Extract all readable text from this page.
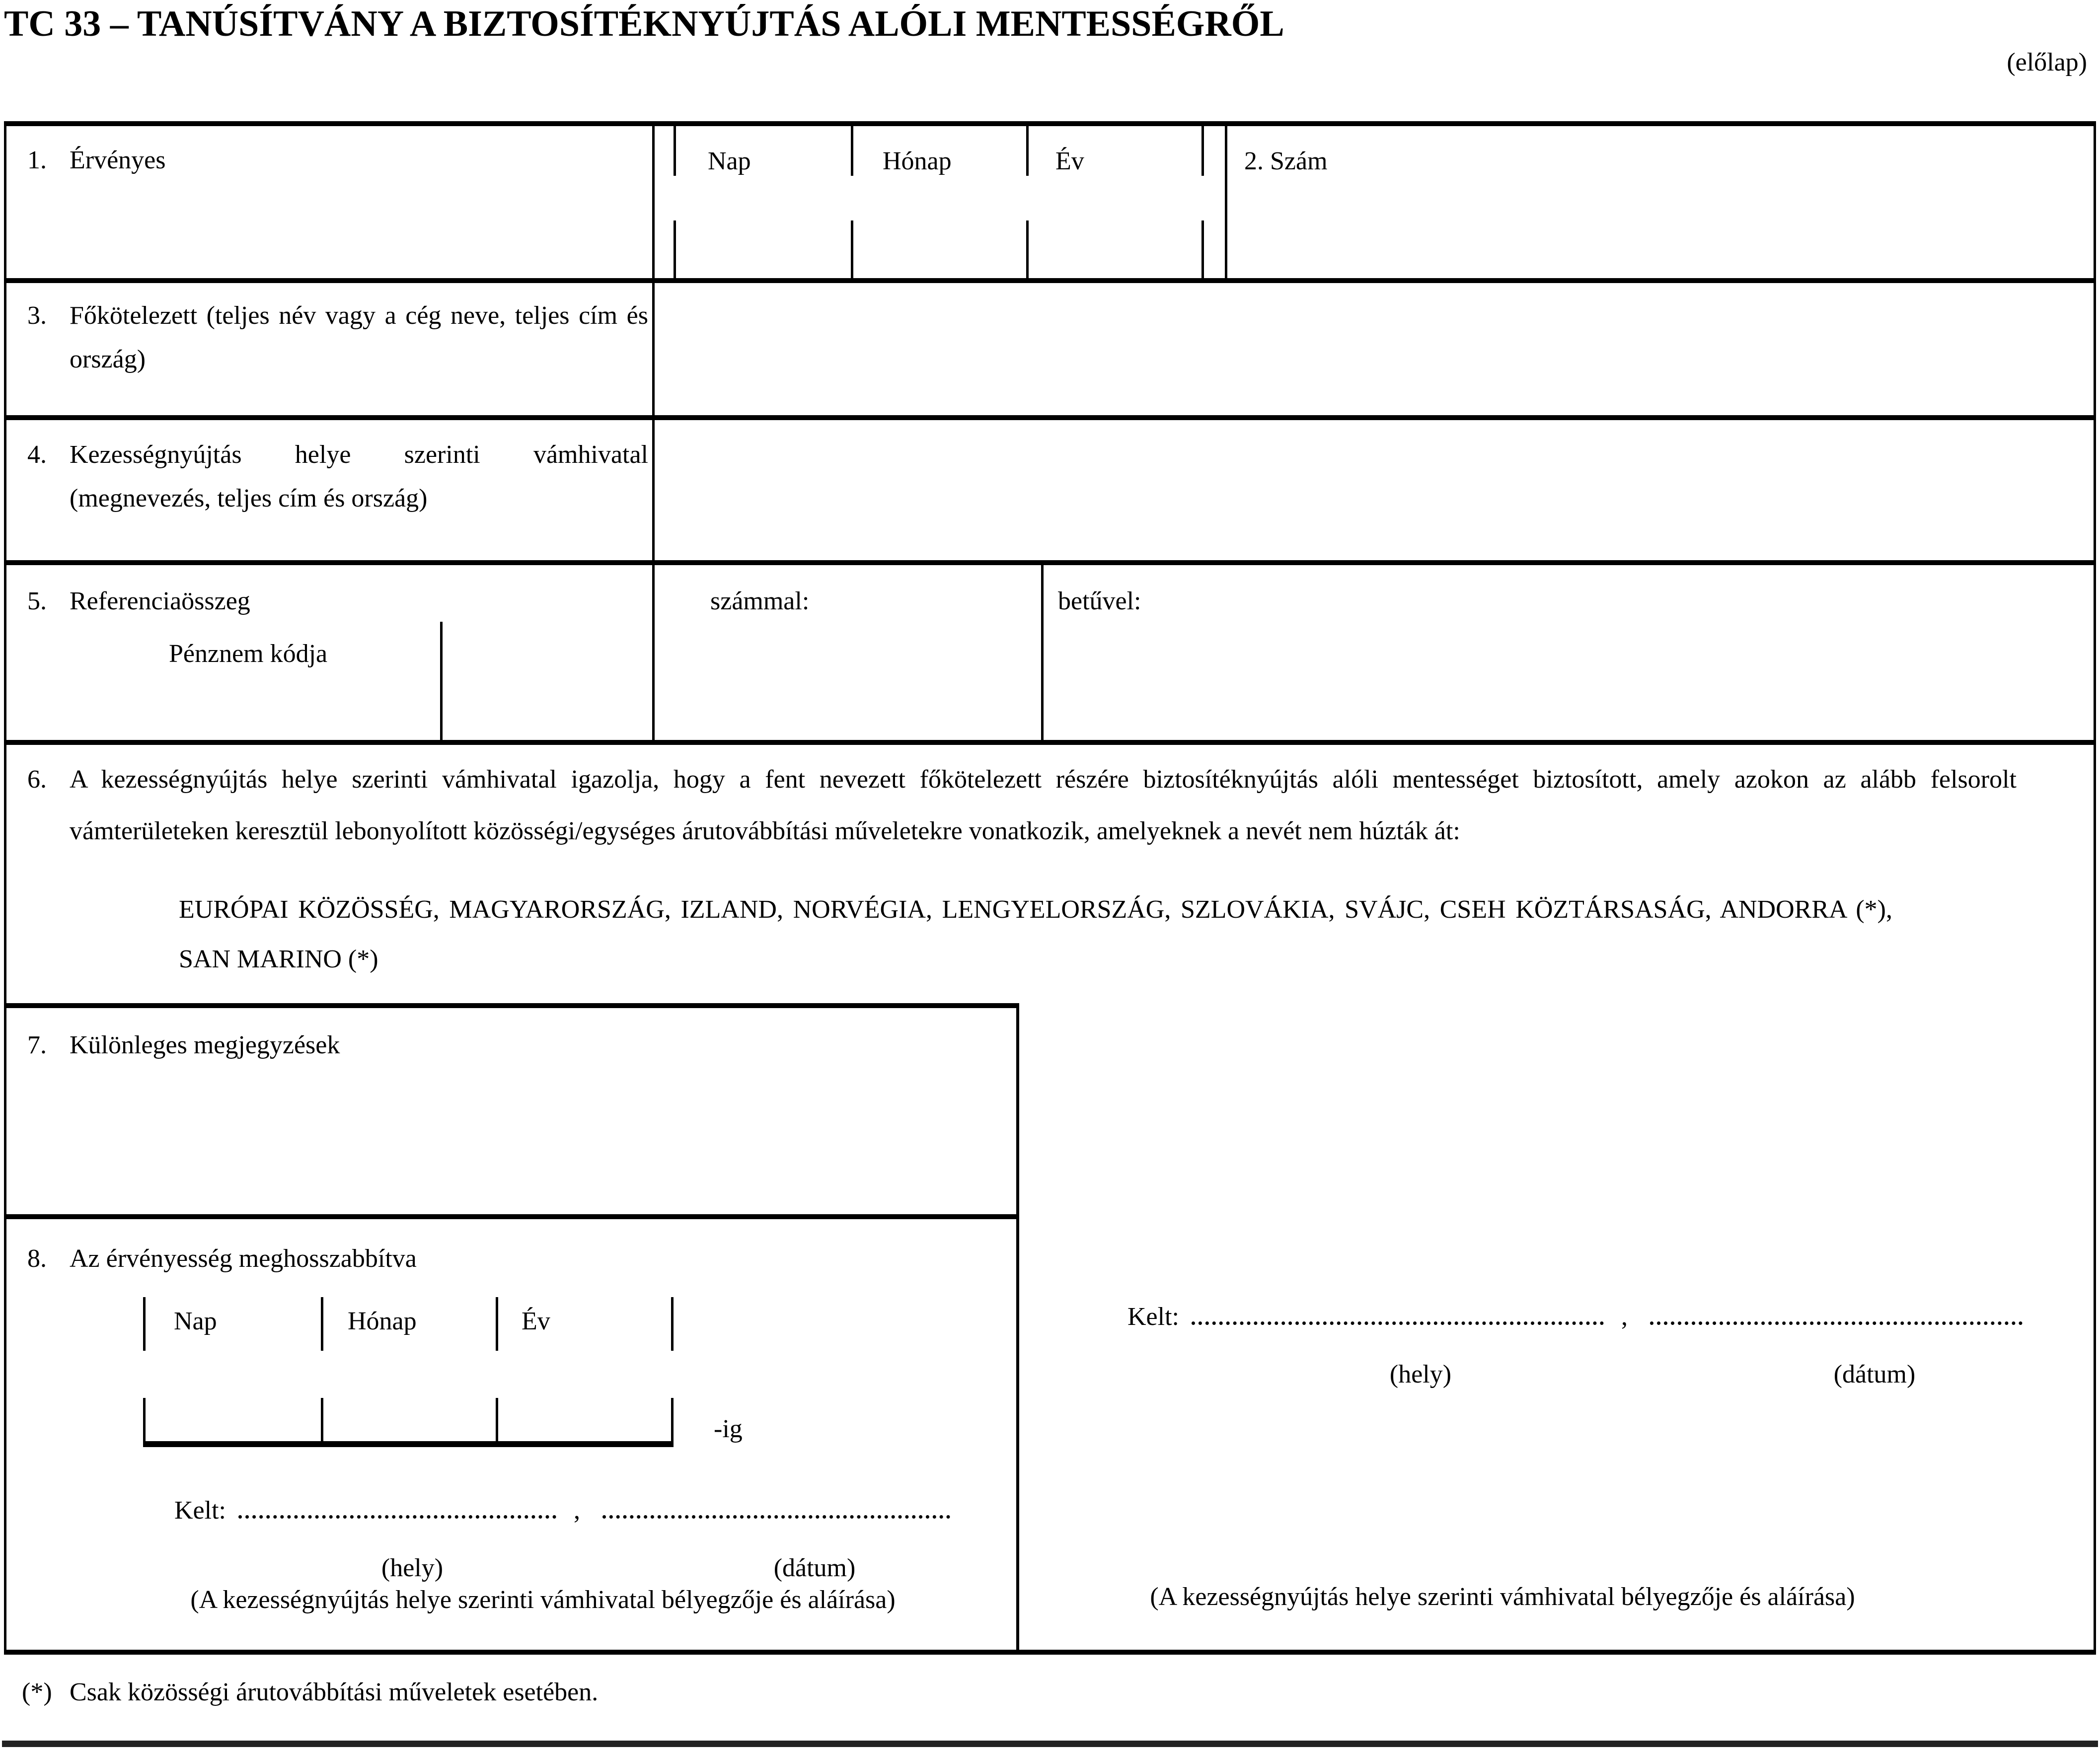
TC 33 – TANÚSÍTVÁNY A BIZTOSÍTÉKNYÚJTÁS ALÓLI MENTESSÉGRŐL
(előlap)
1. Érvényes	Nap	Hónap	Év	2. Szám
3. Főkötelezett (teljes név vagy a cég neve, teljes cím és ország)
4. Kezességnyújtás helye szerinti vámhivatal (megnevezés, teljes cím és ország)
5. Referenciaösszeg
Pénznem kódja
számmal:	betűvel:
6. A kezességnyújtás helye szerinti vámhivatal igazolja, hogy a fent nevezett főkötelezett részére biztosítéknyújtás alóli mentességet biztosított, amely azokon az alább felsorolt vámterületeken keresztül lebonyolított közösségi/egységes árutovábbítási műveletekre vonatkozik, amelyeknek a nevét nem húzták át:
EURÓPAI KÖZÖSSÉG, MAGYARORSZÁG, IZLAND, NORVÉGIA, LENGYELORSZÁG, SZLOVÁKIA, SVÁJC, CSEH KÖZTÁRSASÁG, ANDORRA (*), SAN MARINO (*)
7. Különleges megjegyzések
8. Az érvényesség meghosszabbítva
Nap	Hónap	Év
-ig
Kelt:	,
(hely)	(dátum)
(A kezességnyújtás helye szerinti vámhivatal bélyegzője és aláírása)
Kelt:	,
(hely)	(dátum)
(A kezességnyújtás helye szerinti vámhivatal bélyegzője és aláírása)
(*) Csak közösségi árutovábbítási műveletek esetében.
